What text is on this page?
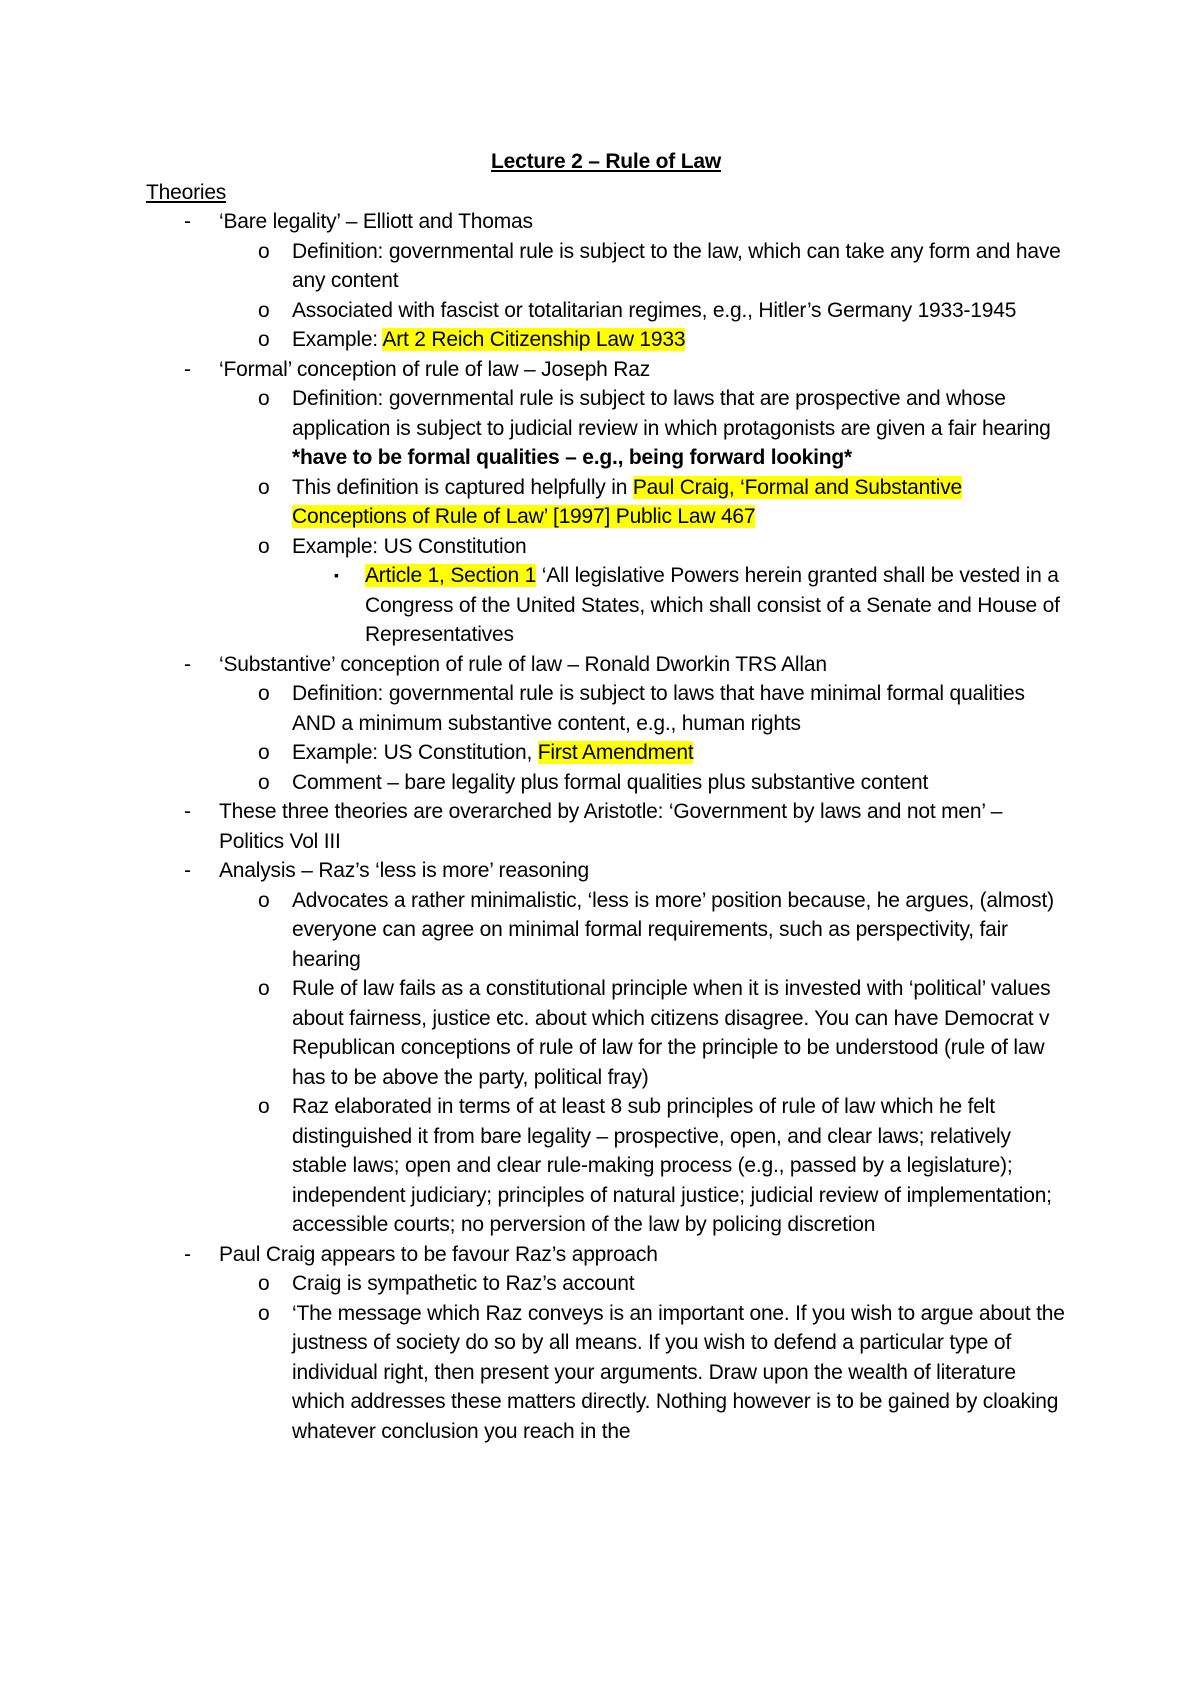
Lecture 2 – Rule of Law

Theories

- ‘Bare legality’ – Elliott and Thomas

o Definition: governmental rule is subject to the law, which can take any form and have any content

o Associated with fascist or totalitarian regimes, e.g., Hitler’s Germany 1933-1945

o Example: Art 2 Reich Citizenship Law 1933

- ‘Formal’ conception of rule of law – Joseph Raz

o Definition: governmental rule is subject to laws that are prospective and whose application is subject to judicial review in which protagonists are given a fair hearing *have to be formal qualities – e.g., being forward looking*

o This definition is captured helpfully in Paul Craig, ‘Formal and Substantive Conceptions of Rule of Law’ [1997] Public Law 467

o Example: US Constitution

▪ Article 1, Section 1 ‘All legislative Powers herein granted shall be vested in a Congress of the United States, which shall consist of a Senate and House of Representatives

- ‘Substantive’ conception of rule of law – Ronald Dworkin TRS Allan

o Definition: governmental rule is subject to laws that have minimal formal qualities AND a minimum substantive content, e.g., human rights

o Example: US Constitution, First Amendment

o Comment – bare legality plus formal qualities plus substantive content

- These three theories are overarched by Aristotle: ‘Government by laws and not men’ – Politics Vol III

- Analysis – Raz’s ‘less is more’ reasoning

o Advocates a rather minimalistic, ‘less is more’ position because, he argues, (almost) everyone can agree on minimal formal requirements, such as perspectivity, fair hearing

o Rule of law fails as a constitutional principle when it is invested with ‘political’ values about fairness, justice etc. about which citizens disagree. You can have Democrat v Republican conceptions of rule of law for the principle to be understood (rule of law has to be above the party, political fray)

o Raz elaborated in terms of at least 8 sub principles of rule of law which he felt distinguished it from bare legality – prospective, open, and clear laws; relatively stable laws; open and clear rule-making process (e.g., passed by a legislature); independent judiciary; principles of natural justice; judicial review of implementation; accessible courts; no perversion of the law by policing discretion

- Paul Craig appears to be favour Raz’s approach

o Craig is sympathetic to Raz’s account

o ‘The message which Raz conveys is an important one. If you wish to argue about the justness of society do so by all means. If you wish to defend a particular type of individual right, then present your arguments. Draw upon the wealth of literature which addresses these matters directly. Nothing however is to be gained by cloaking whatever conclusion you reach in the
